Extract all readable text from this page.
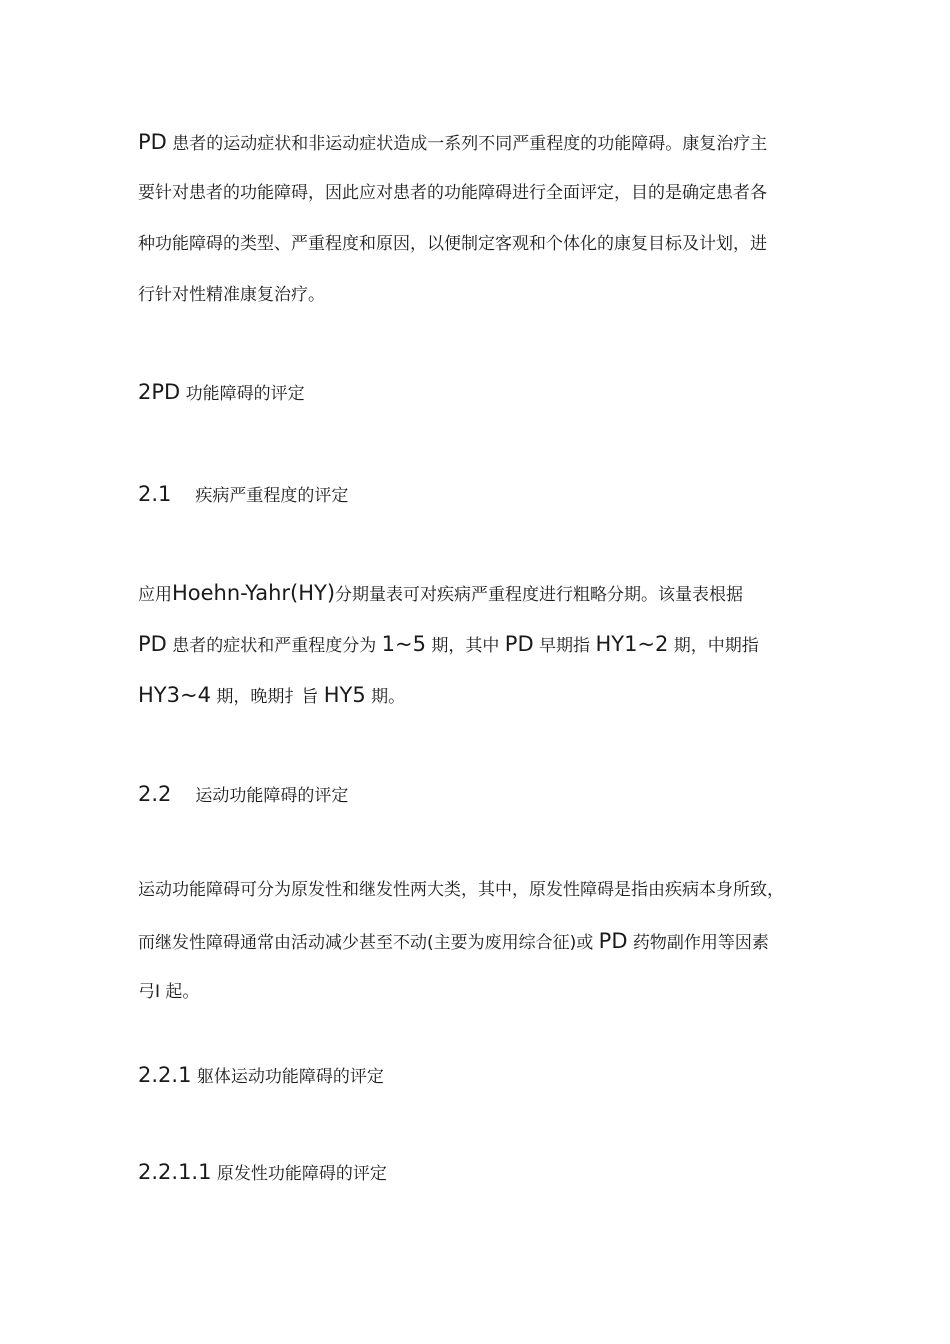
PD 患者的运动症状和非运动症状造成一系列不同严重程度的功能障碍。康复治疗主
要针对患者的功能障碍，因此应对患者的功能障碍进行全面评定，目的是确定患者各
种功能障碍的类型、严重程度和原因，以便制定客观和个体化的康复目标及计划，进
行针对性精准康复治疗。
2PD 功能障碍的评定
2.1 疾病严重程度的评定
应用Hoehn-Yahr(HY)分期量表可对疾病严重程度进行粗略分期。该量表根据
PD 患者的症状和严重程度分为 1~5 期，其中 PD 早期指 HY1~2 期，中期指
HY3~4 期，晚期扌旨 HY5 期。
2.2 运动功能障碍的评定
运动功能障碍可分为原发性和继发性两大类，其中，原发性障碍是指由疾病本身所致，
而继发性障碍通常由活动减少甚至不动(主要为废用综合征)或 PD 药物副作用等因素
弓I 起。
2.2.1 躯体运动功能障碍的评定
2.2.1.1 原发性功能障碍的评定
